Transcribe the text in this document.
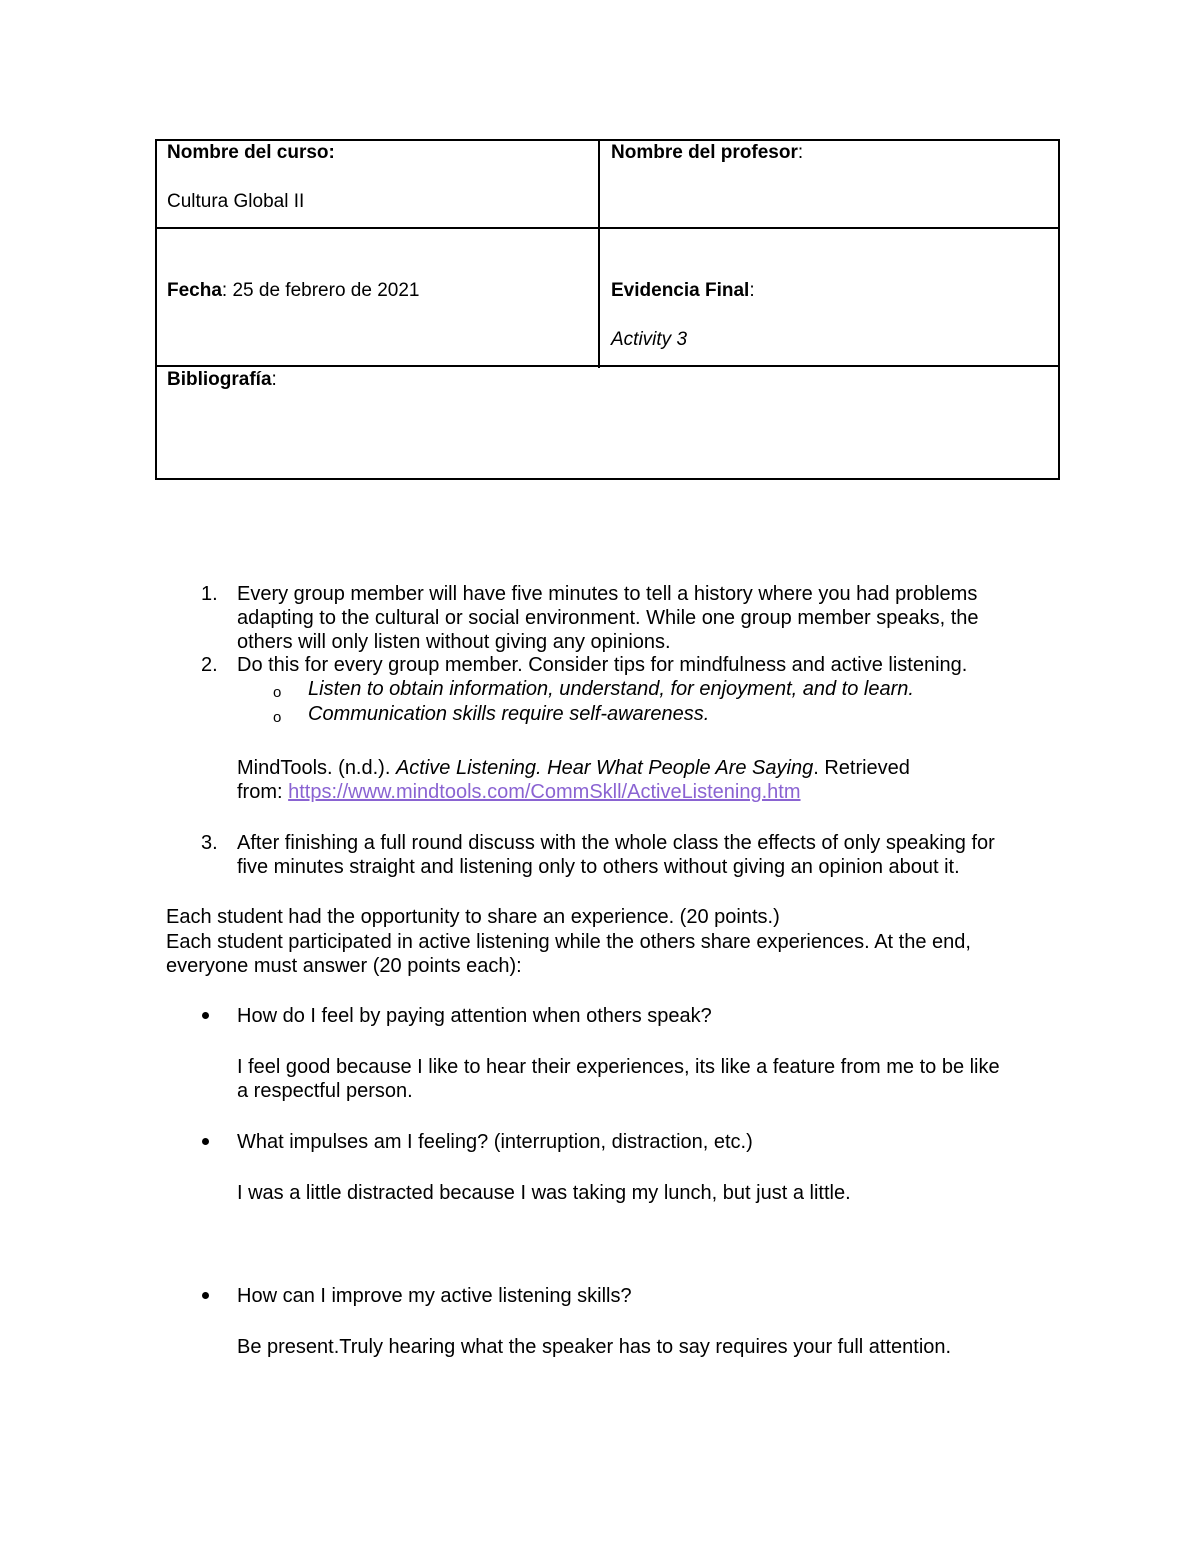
Nombre del curso:
Cultura Global II
Nombre del profesor:
Fecha: 25 de febrero de 2021	Evidencia Final:
Activity 3
Bibliografía:
1. Every group member will have five minutes to tell a history where you had problems
adapting to the cultural or social environment. While one group member speaks, the
others will only listen without giving any opinions.
2. Do this for every group member. Consider tips for mindfulness and active listening.
o Listen to obtain information, understand, for enjoyment, and to learn.
o Communication skills require self-awareness.
MindTools. (n.d.). Active Listening. Hear What People Are Saying. Retrieved
from: https://www.mindtools.com/CommSkll/ActiveListening.htm
3. After finishing a full round discuss with the whole class the effects of only speaking for
five minutes straight and listening only to others without giving an opinion about it.
Each student had the opportunity to share an experience. (20 points.)
Each student participated in active listening while the others share experiences. At the end,
everyone must answer (20 points each):
How do I feel by paying attention when others speak?
I feel good because I like to hear their experiences, its like a feature from me to be like
a respectful person.
What impulses am I feeling? (interruption, distraction, etc.)
I was a little distracted because I was taking my lunch, but just a little.
How can I improve my active listening skills?
Be present.Truly hearing what the speaker has to say requires your full attention.
